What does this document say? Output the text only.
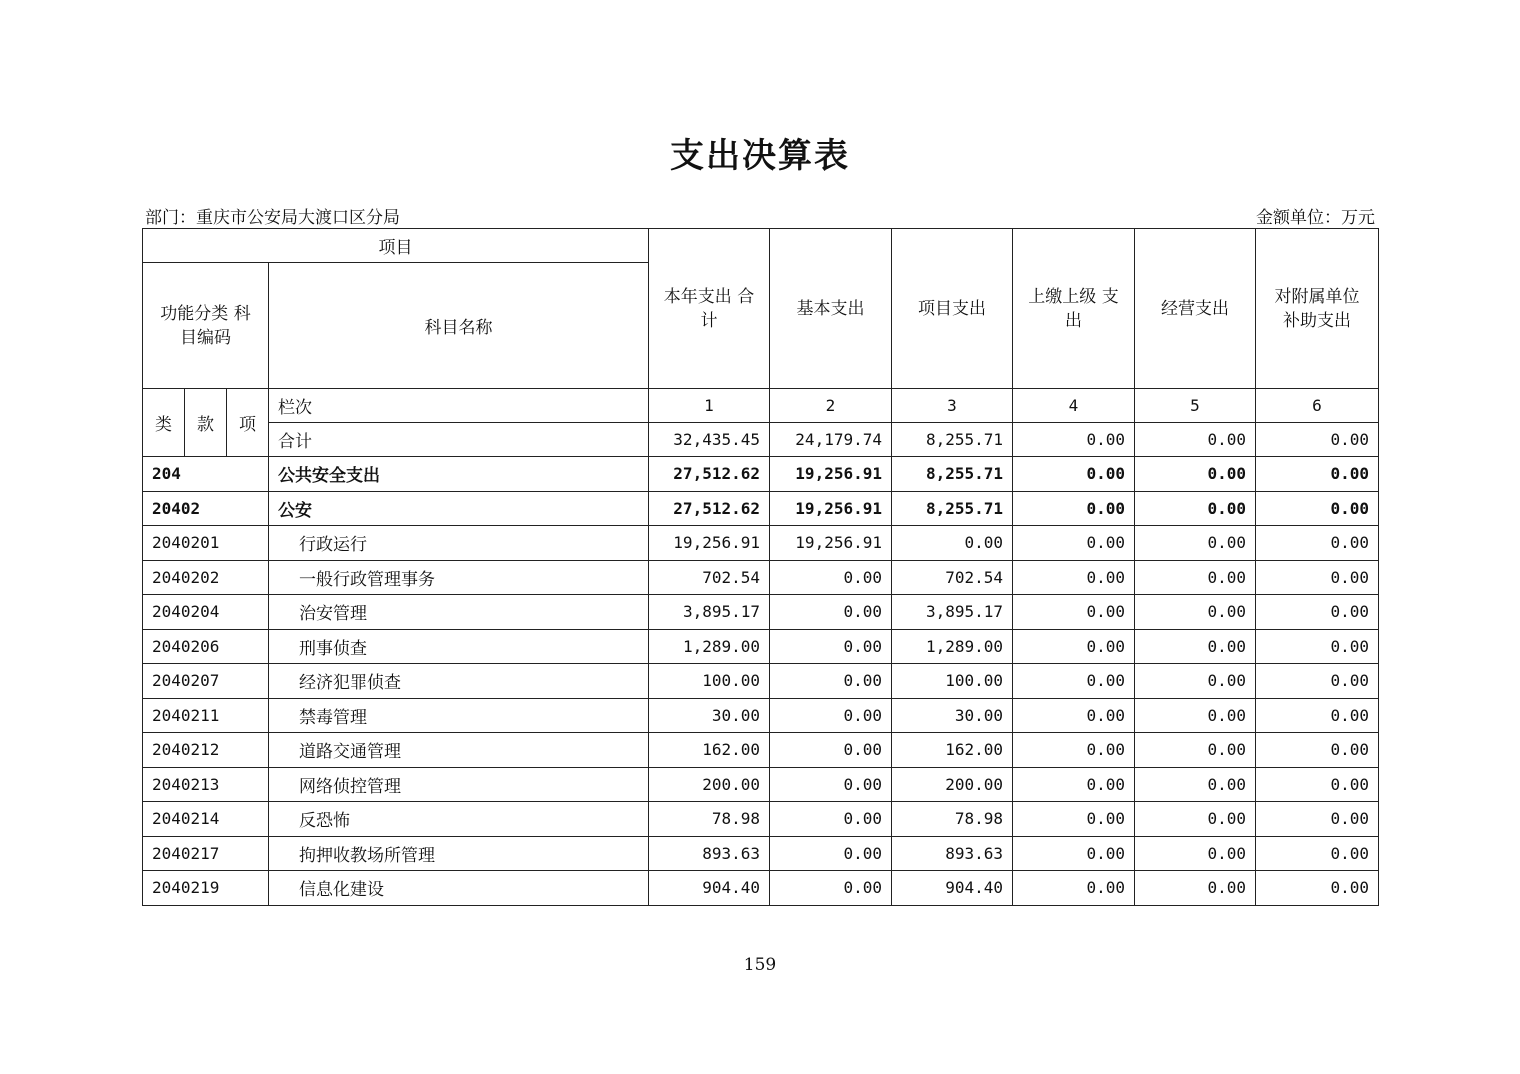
支出决算表
部门：重庆市公安局大渡口区分局	金额单位：万元
项目				本年支出 合计	基本支出	项目支出	上缴上级 支出	经营支出	对附属单位 补助支出
功能分类 科目编码			科目名称						
类	款	项	栏次	1	2	3	4	5	6
			合计	32,435.45	24,179.74	8,255.71	0.00	0.00	0.00
204			公共安全支出	27,512.62	19,256.91	8,255.71	0.00	0.00	0.00
20402			公安	27,512.62	19,256.91	8,255.71	0.00	0.00	0.00
2040201			行政运行	19,256.91	19,256.91	0.00	0.00	0.00	0.00
2040202			一般行政管理事务	702.54	0.00	702.54	0.00	0.00	0.00
2040204			治安管理	3,895.17	0.00	3,895.17	0.00	0.00	0.00
2040206			刑事侦查	1,289.00	0.00	1,289.00	0.00	0.00	0.00
2040207			经济犯罪侦查	100.00	0.00	100.00	0.00	0.00	0.00
2040211			禁毒管理	30.00	0.00	30.00	0.00	0.00	0.00
2040212			道路交通管理	162.00	0.00	162.00	0.00	0.00	0.00
2040213			网络侦控管理	200.00	0.00	200.00	0.00	0.00	0.00
2040214			反恐怖	78.98	0.00	78.98	0.00	0.00	0.00
2040217			拘押收教场所管理	893.63	0.00	893.63	0.00	0.00	0.00
2040219			信息化建设	904.40	0.00	904.40	0.00	0.00	0.00
159
